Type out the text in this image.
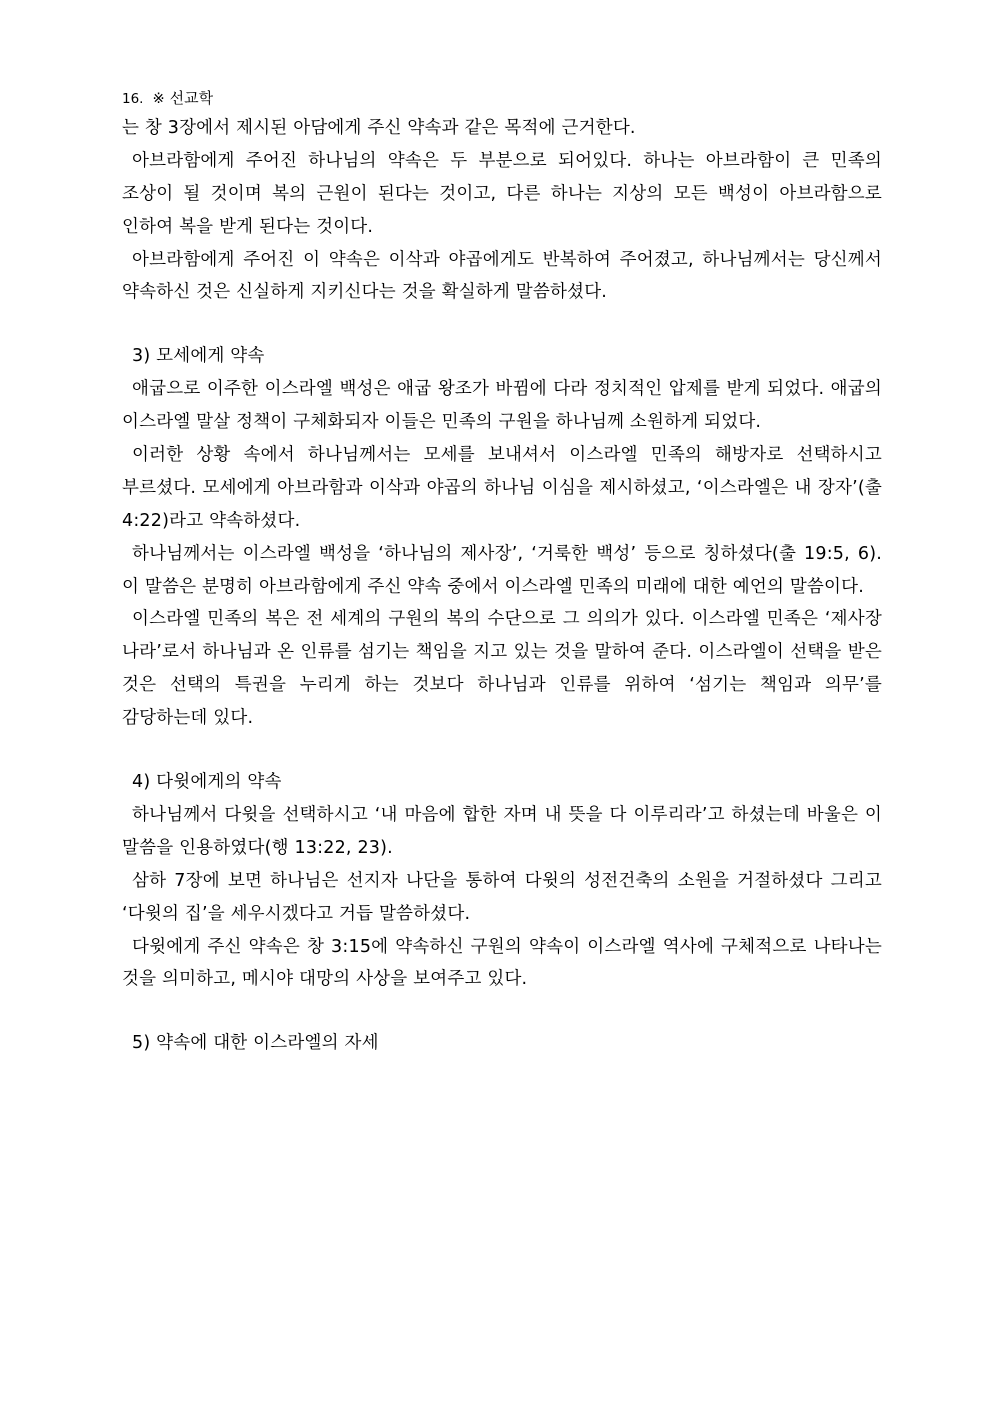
16. ※ 선교학

는 창 3장에서 제시된 아담에게 주신 약속과 같은 목적에 근거한다.

아브라함에게 주어진 하나님의 약속은 두 부분으로 되어있다. 하나는 아브라함이 큰 민족의 조상이 될 것이며 복의 근원이 된다는 것이고, 다른 하나는 지상의 모든 백성이 아브라함으로 인하여 복을 받게 된다는 것이다.

아브라함에게 주어진 이 약속은 이삭과 야곱에게도 반복하여 주어졌고, 하나님께서는 당신께서 약속하신 것은 신실하게 지키신다는 것을 확실하게 말씀하셨다.

3) 모세에게 약속

애굽으로 이주한 이스라엘 백성은 애굽 왕조가 바뀜에 다라 정치적인 압제를 받게 되었다. 애굽의 이스라엘 말살 정책이 구체화되자 이들은 민족의 구원을 하나님께 소원하게 되었다.

이러한 상황 속에서 하나님께서는 모세를 보내셔서 이스라엘 민족의 해방자로 선택하시고 부르셨다. 모세에게 아브라함과 이삭과 야곱의 하나님 이심을 제시하셨고, ‘이스라엘은 내 장자’(출 4:22)라고 약속하셨다.

하나님께서는 이스라엘 백성을 ‘하나님의 제사장’, ‘거룩한 백성’ 등으로 칭하셨다(출 19:5, 6). 이 말씀은 분명히 아브라함에게 주신 약속 중에서 이스라엘 민족의 미래에 대한 예언의 말씀이다.

이스라엘 민족의 복은 전 세계의 구원의 복의 수단으로 그 의의가 있다. 이스라엘 민족은 ‘제사장 나라’로서 하나님과 온 인류를 섬기는 책임을 지고 있는 것을 말하여 준다. 이스라엘이 선택을 받은 것은 선택의 특권을 누리게 하는 것보다 하나님과 인류를 위하여 ‘섬기는 책임과 의무’를 감당하는데 있다.

4) 다윗에게의 약속

하나님께서 다윗을 선택하시고 ‘내 마음에 합한 자며 내 뜻을 다 이루리라’고 하셨는데 바울은 이 말씀을 인용하였다(행 13:22, 23).

삼하 7장에 보면 하나님은 선지자 나단을 통하여 다윗의 성전건축의 소원을 거절하셨다 그리고 ‘다윗의 집’을 세우시겠다고 거듭 말씀하셨다.

다윗에게 주신 약속은 창 3:15에 약속하신 구원의 약속이 이스라엘 역사에 구체적으로 나타나는 것을 의미하고, 메시야 대망의 사상을 보여주고 있다.

5) 약속에 대한 이스라엘의 자세
